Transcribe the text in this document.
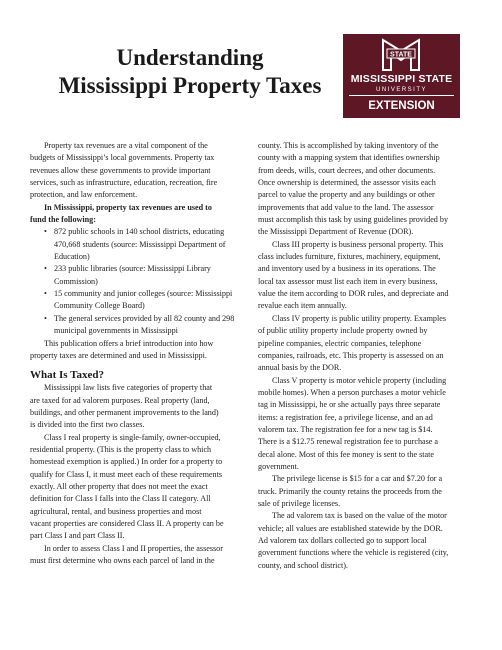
Understanding
Mississippi Property Taxes
STATE
MISSISSIPPI STATE
UNIVERSITY
EXTENSION

Property tax revenues are a vital component of the

budgets of Mississippi’s local governments. Property tax

revenues allow these governments to provide important

services, such as infrastructure, education, recreation, fire

protection, and law enforcement.

In Mississippi, property tax revenues are used to

fund the following:

• 872 public schools in 140 school districts, educating

470,668 students (source: Mississippi Department of

Education)

• 233 public libraries (source: Mississippi Library

Commission)

• 15 community and junior colleges (source: Mississippi

Community College Board)

• The general services provided by all 82 county and 298

municipal governments in Mississippi

This publication offers a brief introduction into how

property taxes are determined and used in Mississippi.

What Is Taxed?

Mississippi law lists five categories of property that

are taxed for ad valorem purposes. Real property (land,

buildings, and other permanent improvements to the land)

is divided into the first two classes.

Class I real property is single-family, owner-occupied,

residential property. (This is the property class to which

homestead exemption is applied.) In order for a property to

qualify for Class I, it must meet each of these requirements

exactly. All other property that does not meet the exact

definition for Class I falls into the Class II category. All

agricultural, rental, and business properties and most

vacant properties are considered Class II. A property can be

part Class I and part Class II.

In order to assess Class I and II properties, the assessor

must first determine who owns each parcel of land in the

county. This is accomplished by taking inventory of the

county with a mapping system that identifies ownership

from deeds, wills, court decrees, and other documents.

Once ownership is determined, the assessor visits each

parcel to value the property and any buildings or other

improvements that add value to the land. The assessor

must accomplish this task by using guidelines provided by

the Mississippi Department of Revenue (DOR).

Class III property is business personal property. This

class includes furniture, fixtures, machinery, equipment,

and inventory used by a business in its operations. The

local tax assessor must list each item in every business,

value the item according to DOR rules, and depreciate and

revalue each item annually.

Class IV property is public utility property. Examples

of public utility property include property owned by

pipeline companies, electric companies, telephone

companies, railroads, etc. This property is assessed on an

annual basis by the DOR.

Class V property is motor vehicle property (including

mobile homes). When a person purchases a motor vehicle

tag in Mississippi, he or she actually pays three separate

items: a registration fee, a privilege license, and an ad

valorem tax. The registration fee for a new tag is $14.

There is a $12.75 renewal registration fee to purchase a

decal alone. Most of this fee money is sent to the state

government.

The privilege license is $15 for a car and $7.20 for a

truck. Primarily the county retains the proceeds from the

sale of privilege licenses.

The ad valorem tax is based on the value of the motor

vehicle; all values are established statewide by the DOR.

Ad valorem tax dollars collected go to support local

government functions where the vehicle is registered (city,

county, and school district).
